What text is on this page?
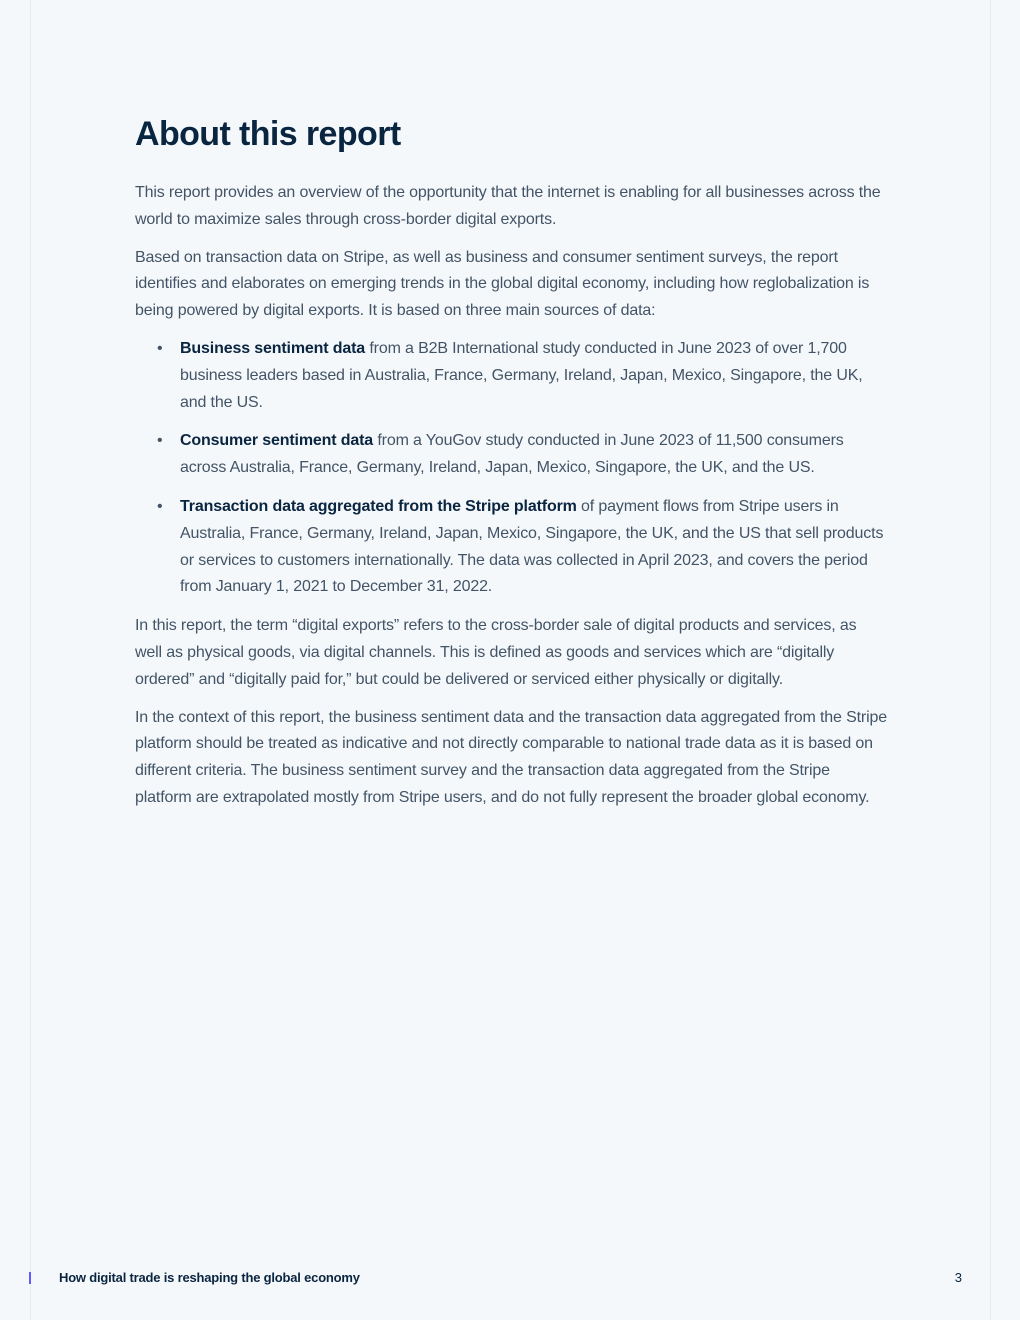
About this report

This report provides an overview of the opportunity that the internet is enabling for all businesses across the world to maximize sales through cross-border digital exports.

Based on transaction data on Stripe, as well as business and consumer sentiment surveys, the report identifies and elaborates on emerging trends in the global digital economy, including how reglobalization is being powered by digital exports. It is based on three main sources of data:

• Business sentiment data from a B2B International study conducted in June 2023 of over 1,700 business leaders based in Australia, France, Germany, Ireland, Japan, Mexico, Singapore, the UK, and the US.
• Consumer sentiment data from a YouGov study conducted in June 2023 of 11,500 consumers across Australia, France, Germany, Ireland, Japan, Mexico, Singapore, the UK, and the US.
• Transaction data aggregated from the Stripe platform of payment flows from Stripe users in Australia, France, Germany, Ireland, Japan, Mexico, Singapore, the UK, and the US that sell products or services to customers internationally. The data was collected in April 2023, and covers the period from January 1, 2021 to December 31, 2022.

In this report, the term “digital exports” refers to the cross-border sale of digital products and services, as well as physical goods, via digital channels. This is defined as goods and services which are “digitally ordered” and “digitally paid for,” but could be delivered or serviced either physically or digitally.

In the context of this report, the business sentiment data and the transaction data aggregated from the Stripe platform should be treated as indicative and not directly comparable to national trade data as it is based on different criteria. The business sentiment survey and the transaction data aggregated from the Stripe platform are extrapolated mostly from Stripe users, and do not fully represent the broader global economy.

How digital trade is reshaping the global economy	3
